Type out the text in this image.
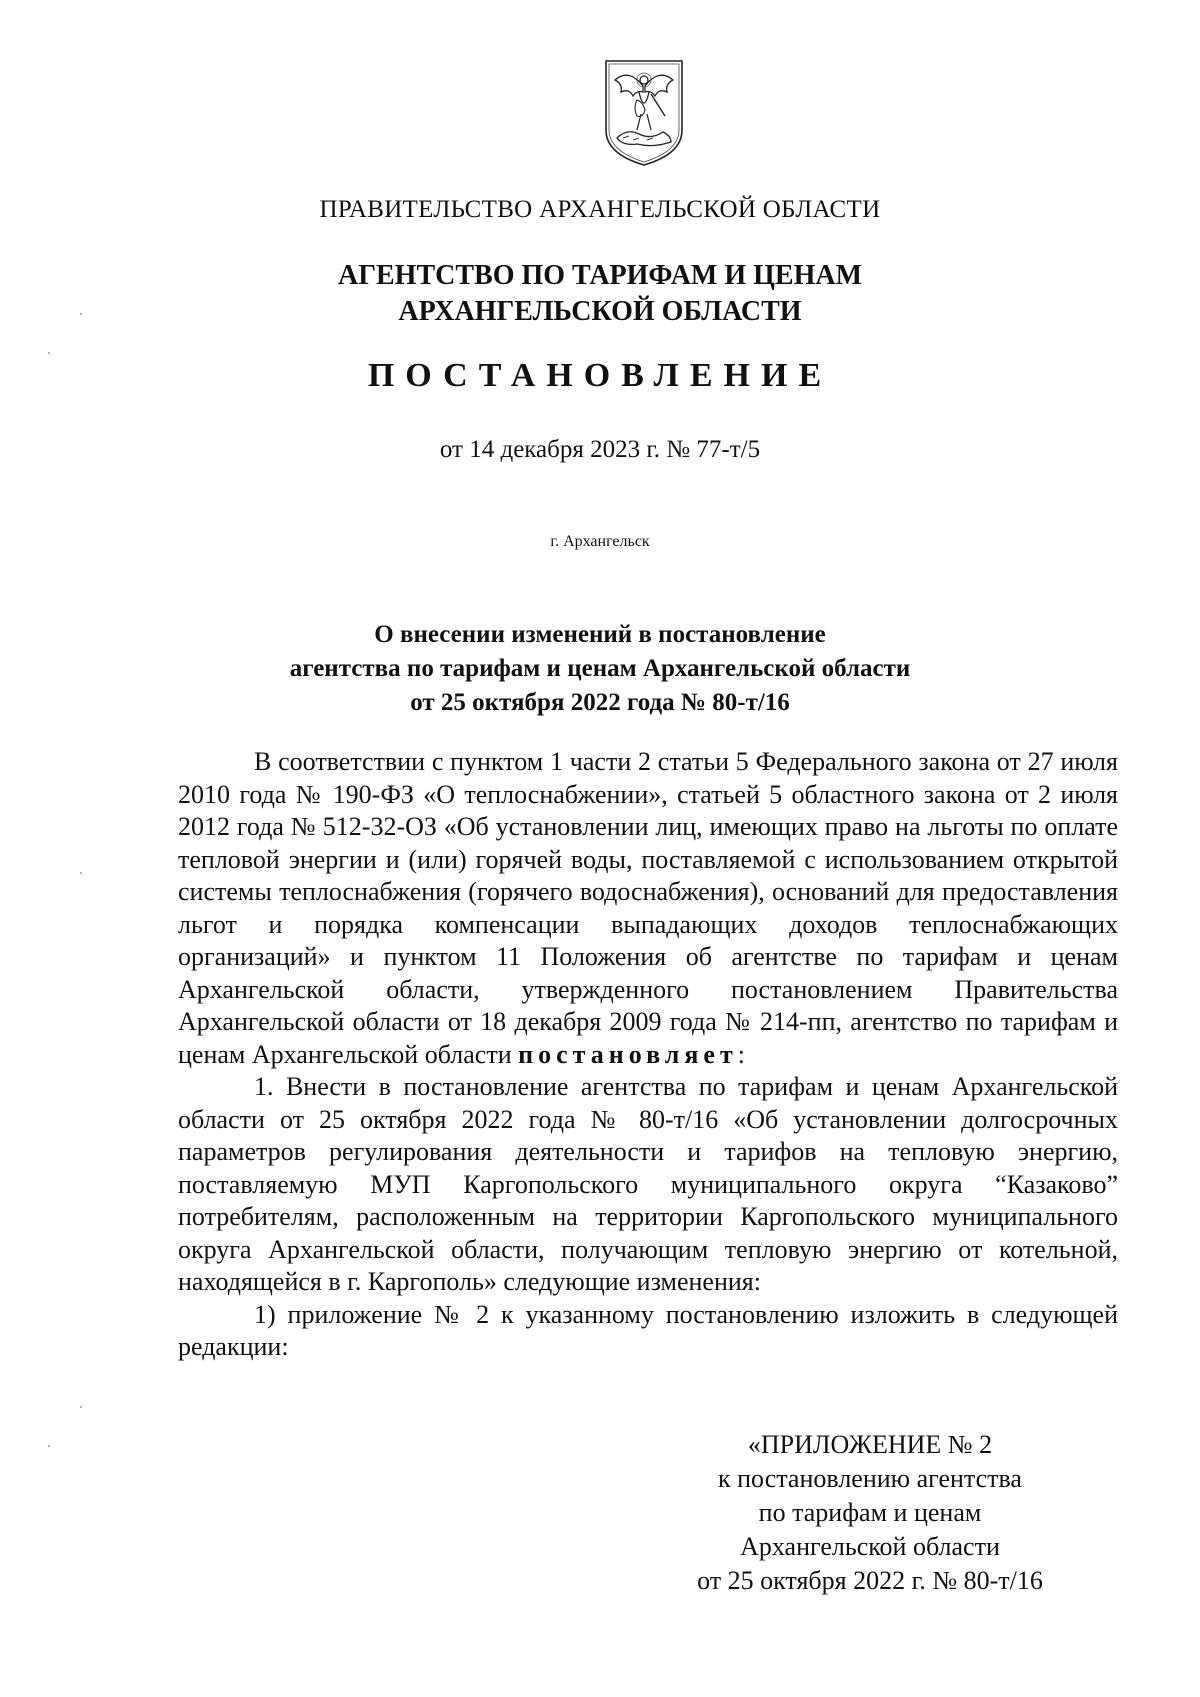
ПРАВИТЕЛЬСТВО АРХАНГЕЛЬСКОЙ ОБЛАСТИ
АГЕНТСТВО ПО ТАРИФАМ И ЦЕНАМ
АРХАНГЕЛЬСКОЙ ОБЛАСТИ
ПОСТАНОВЛЕНИЕ
от 14 декабря 2023 г. № 77-т/5
г. Архангельск
О внесении изменений в постановление
агентства по тарифам и ценам Архангельской области
от 25 октября 2022 года № 80-т/16

В соответствии с пунктом 1 части 2 статьи 5 Федерального закона от 27 июля 2010 года № 190-ФЗ «О теплоснабжении», статьей 5 областного закона от 2 июля 2012 года № 512-32-ОЗ «Об установлении лиц, имеющих право на льготы по оплате тепловой энергии и (или) горячей воды, поставляемой с использованием открытой системы теплоснабжения (горячего водоснабжения), оснований для предоставления льгот и порядка компенсации выпадающих доходов теплоснабжающих организаций» и пунктом 11 Положения об агентстве по тарифам и ценам Архангельской области, утвержденного постановлением Правительства Архангельской области от 18 декабря 2009 года № 214-пп, агентство по тарифам и ценам Архангельской области постановляет:

1. Внести в постановление агентства по тарифам и ценам Архангельской области от 25 октября 2022 года № 80-т/16 «Об установлении долгосрочных параметров регулирования деятельности и тарифов на тепловую энергию, поставляемую МУП Каргопольского муниципального округа “Казаково” потребителям, расположенным на территории Каргопольского муниципального округа Архангельской области, получающим тепловую энергию от котельной, находящейся в г. Каргополь» следующие изменения:

1) приложение № 2 к указанному постановлению изложить в следующей редакции:

«ПРИЛОЖЕНИЕ № 2
к постановлению агентства
по тарифам и ценам
Архангельской области
от 25 октября 2022 г. № 80-т/16
